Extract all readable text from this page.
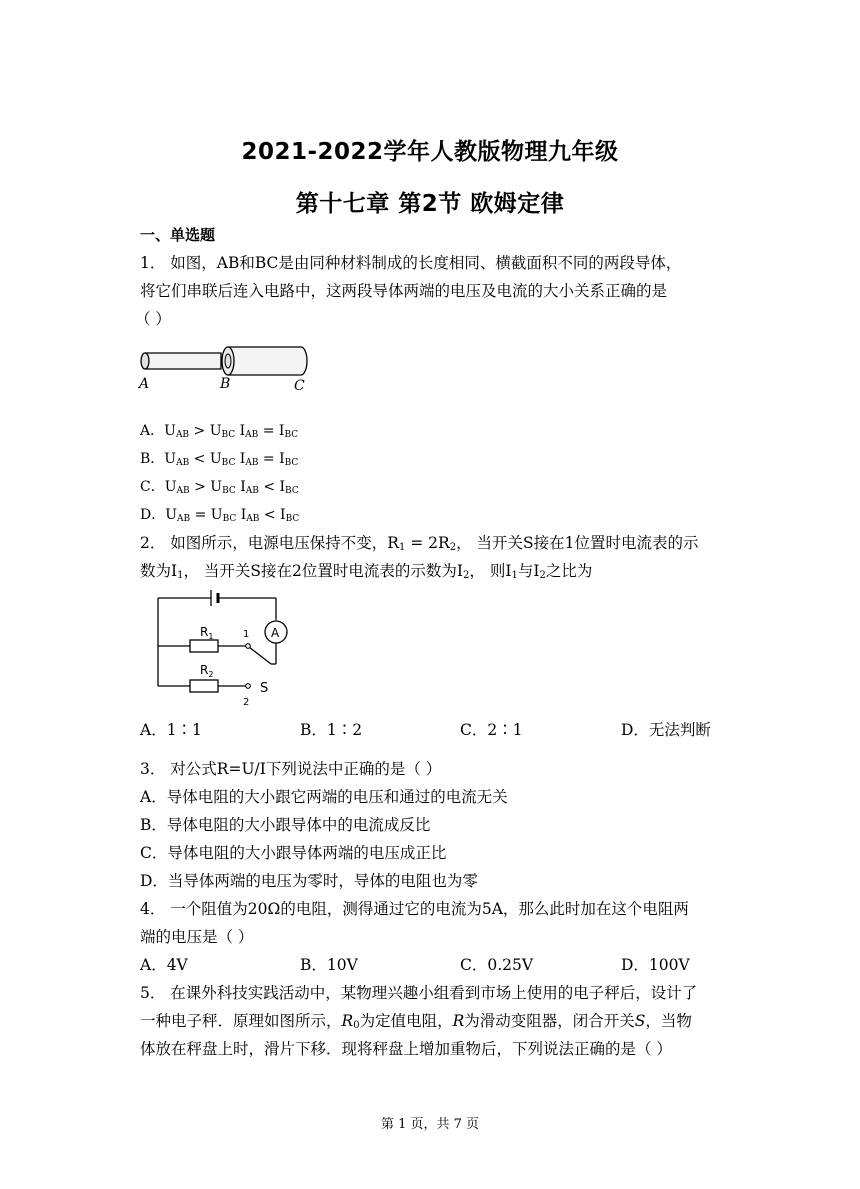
2021-2022学年人教版物理九年级
第十七章 第2节 欧姆定律
一、单选题
1． 如图，AB和BC是由同种材料制成的长度相同、横截面积不同的两段导体，
将它们串联后连入电路中，这两段导体两端的电压及电流的大小关系正确的是
（ ）
A	B	C
A．$U_{AB} > U_{BC}$ $I_{AB} = I_{BC}$
B．$U_{AB} < U_{BC}$ $I_{AB} = I_{BC}$
C．$U_{AB} > U_{BC}$ $I_{AB} < I_{BC}$
D．$U_{AB} = U_{BC}$ $I_{AB} < I_{BC}$
2． 如图所示，电源电压保持不变，$R_1 = 2R_2$， 当开关S接在1位置时电流表的示
数为$I_1$， 当开关S接在2位置时电流表的示数为$I_2$， 则$I_1$与$I_2$之比为
$R_1$
$R_2$
1
2
S
A
A．1∶1	B．1∶2	C．2∶1	D．无法判断
3． 对公式R=U/I下列说法中正确的是（ ）
A．导体电阻的大小跟它两端的电压和通过的电流无关
B．导体电阻的大小跟导体中的电流成反比
C．导体电阻的大小跟导体两端的电压成正比
D．当导体两端的电压为零时，导体的电阻也为零
4． 一个阻值为20Ω的电阻，测得通过它的电流为5A，那么此时加在这个电阻两
端的电压是（ ）
A．4V	B．10V	C．0.25V	D．100V
5． 在课外科技实践活动中，某物理兴趣小组看到市场上使用的电子秤后，设计了
一种电子秤．原理如图所示，$R_0$为定值电阻，R为滑动变阻器，闭合开关S，当物
体放在秤盘上时，滑片下移．现将秤盘上增加重物后，下列说法正确的是（ ）
第 1 页，共 7 页
